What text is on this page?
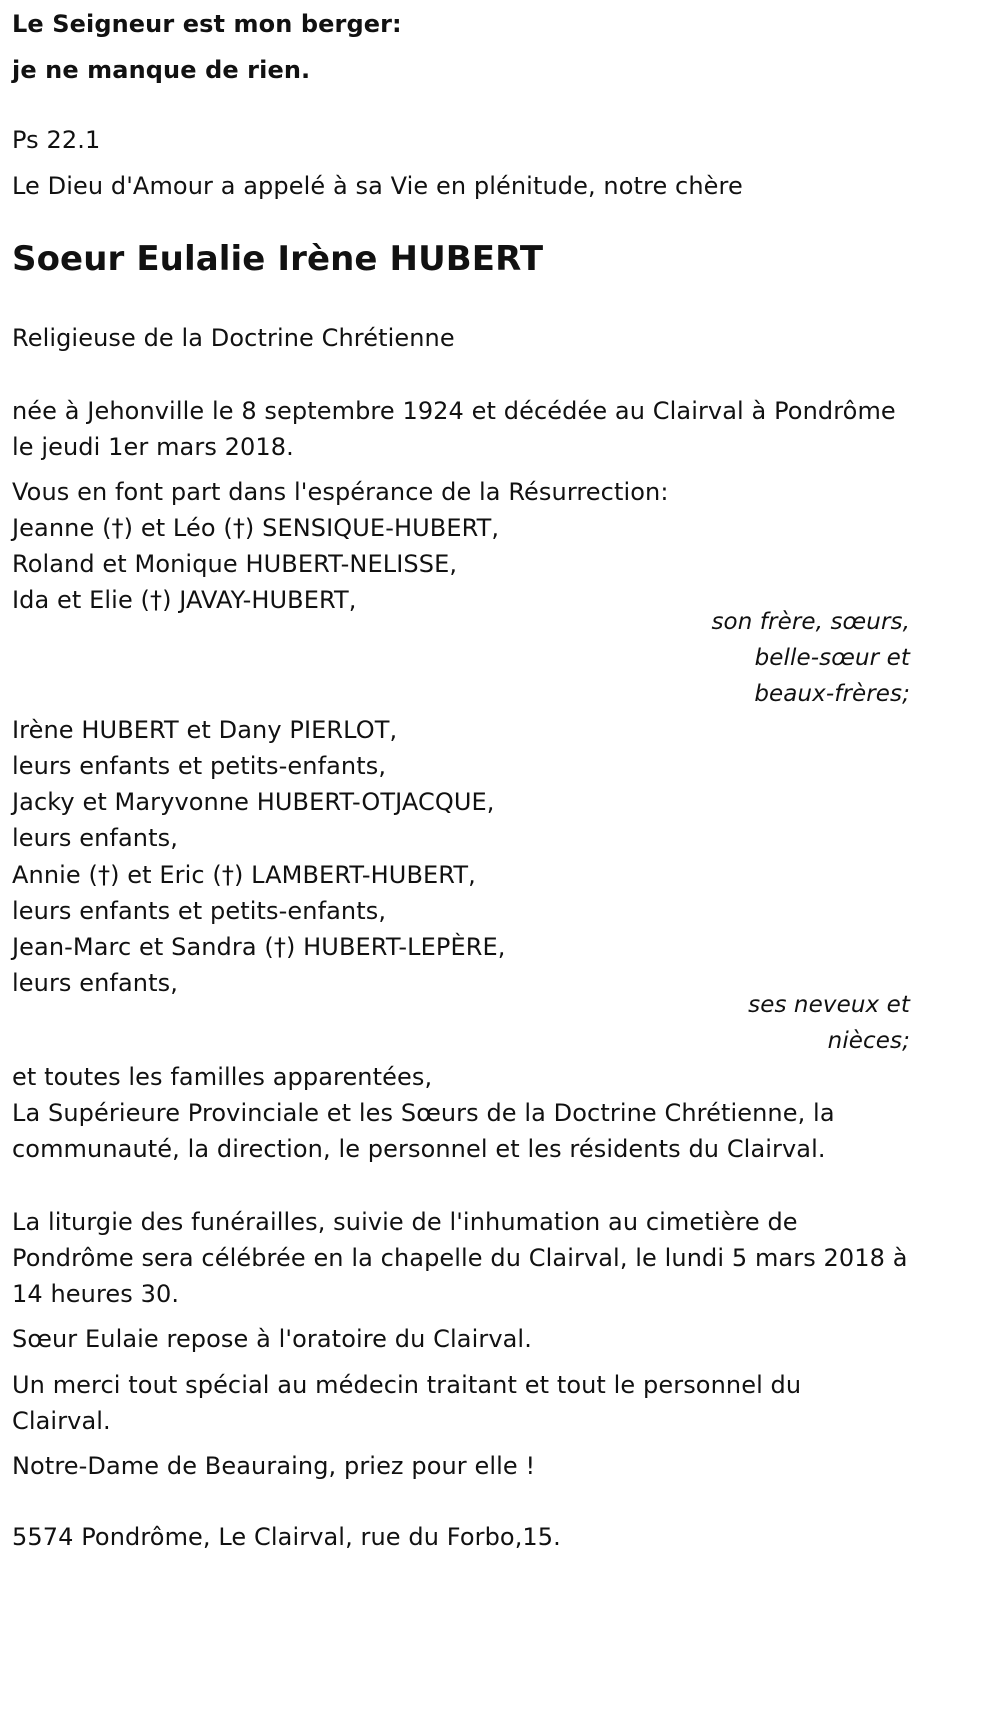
Le Seigneur est mon berger:
je ne manque de rien.
Ps 22.1
Le Dieu d'Amour a appelé à sa Vie en plénitude, notre chère
Soeur Eulalie Irène HUBERT
Religieuse de la Doctrine Chrétienne
née à Jehonville le 8 septembre 1924 et décédée au Clairval à Pondrôme
le jeudi 1er mars 2018.
Vous en font part dans l'espérance de la Résurrection:
Jeanne (†) et Léo (†) SENSIQUE-HUBERT,
Roland et Monique HUBERT-NELISSE,
Ida et Elie (†) JAVAY-HUBERT,
son frère, sœurs,
belle-sœur et
beaux-frères;
Irène HUBERT et Dany PIERLOT,
leurs enfants et petits-enfants,
Jacky et Maryvonne HUBERT-OTJACQUE,
leurs enfants,
Annie (†) et Eric (†) LAMBERT-HUBERT,
leurs enfants et petits-enfants,
Jean-Marc et Sandra (†) HUBERT-LEPÈRE,
leurs enfants,
ses neveux et
nièces;
et toutes les familles apparentées,
La Supérieure Provinciale et les Sœurs de la Doctrine Chrétienne, la
communauté, la direction, le personnel et les résidents du Clairval.
La liturgie des funérailles, suivie de l'inhumation au cimetière de
Pondrôme sera célébrée en la chapelle du Clairval, le lundi 5 mars 2018 à
14 heures 30.
Sœur Eulaie repose à l'oratoire du Clairval.
Un merci tout spécial au médecin traitant et tout le personnel du
Clairval.
Notre-Dame de Beauraing, priez pour elle !
5574 Pondrôme, Le Clairval, rue du Forbo,15.
